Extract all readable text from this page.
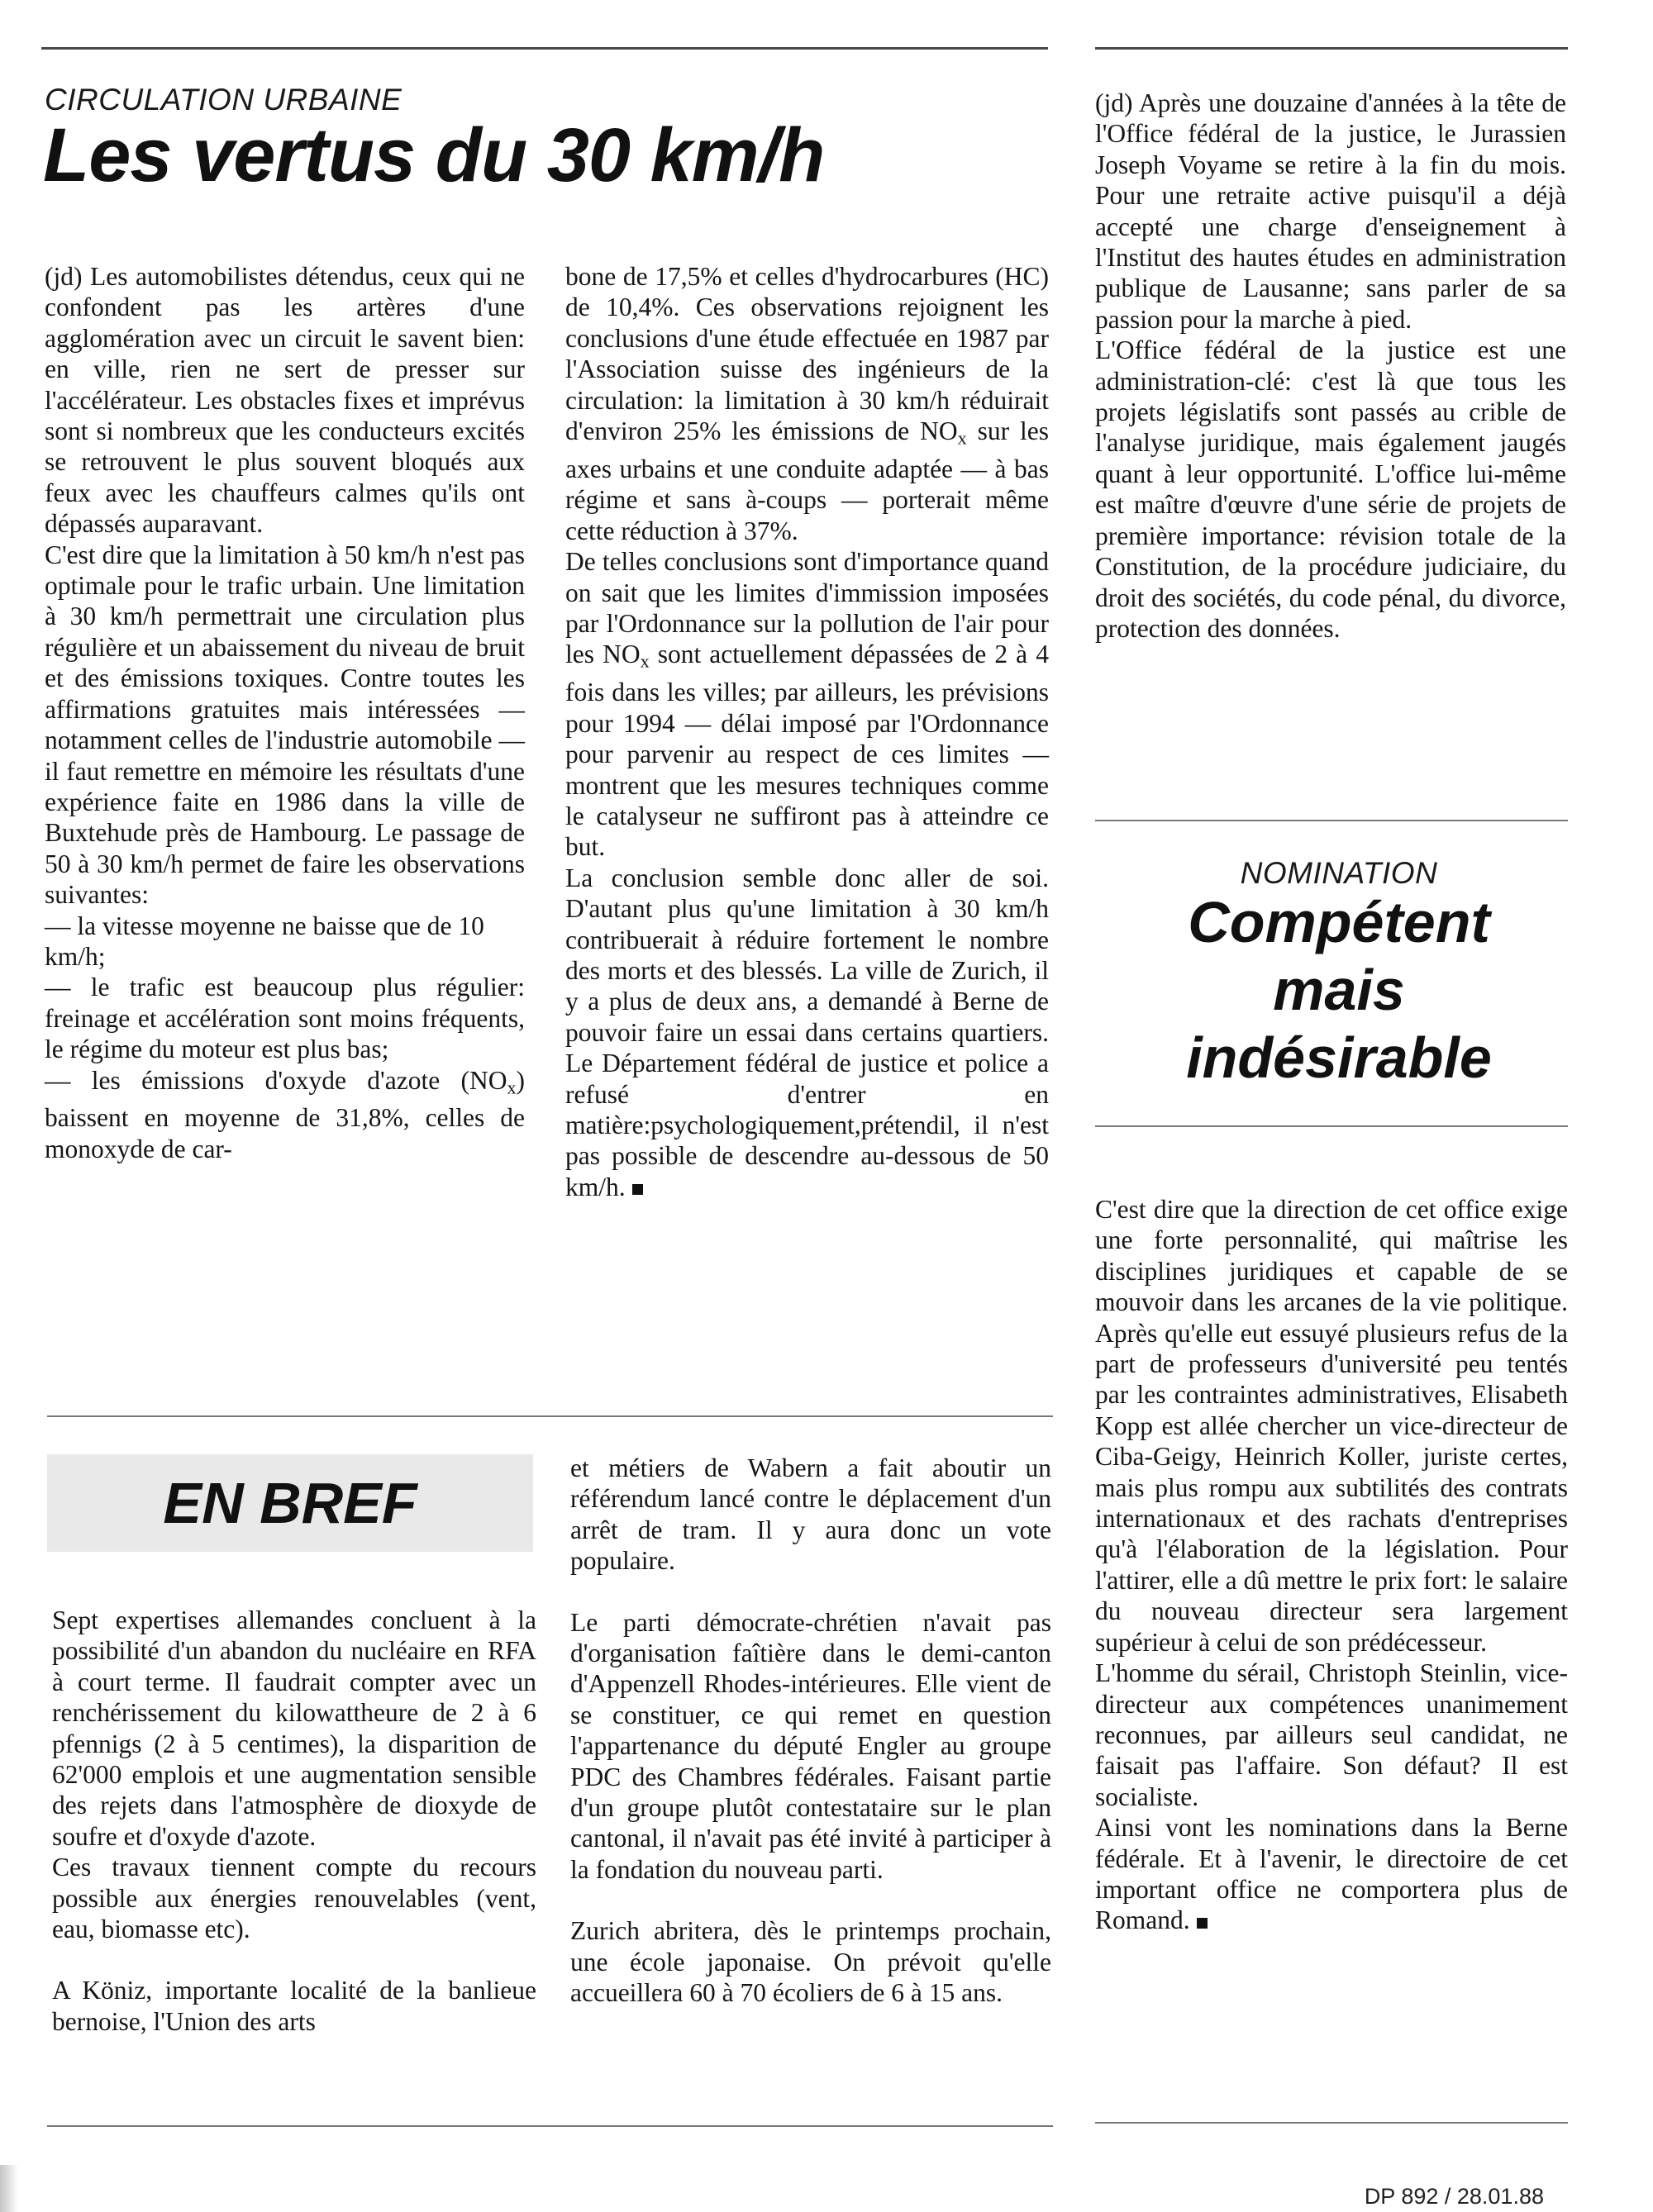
CIRCULATION URBAINE
Les vertus du 30 km/h

(jd) Les automobilistes détendus, ceux qui ne confondent pas les artères d'une agglomération avec un circuit le savent bien: en ville, rien ne sert de presser sur l'accélérateur. Les obstacles fixes et imprévus sont si nombreux que les conducteurs excités se retrouvent le plus souvent bloqués aux feux avec les chauffeurs calmes qu'ils ont dépassés auparavant.

C'est dire que la limitation à 50 km/h n'est pas optimale pour le trafic urbain. Une limitation à 30 km/h permettrait une circulation plus régulière et un abaissement du niveau de bruit et des émissions toxiques. Contre toutes les affirmations gratuites mais intéressées — notamment celles de l'industrie automobile — il faut remettre en mémoire les résultats d'une expérience faite en 1986 dans la ville de Buxtehude près de Hambourg. Le passage de 50 à 30 km/h permet de faire les observations suivantes:

— la vitesse moyenne ne baisse que de 10 km/h;

— le trafic est beaucoup plus régulier: freinage et accélération sont moins fréquents, le régime du moteur est plus bas;

— les émissions d'oxyde d'azote $(NO_x)$ baissent en moyenne de 31,8%, celles de monoxyde de car-

bone de 17,5% et celles d'hydrocarbures (HC) de 10,4%. Ces observations rejoignent les conclusions d'une étude effectuée en 1987 par l'Association suisse des ingénieurs de la circulation: la limitation à 30 km/h réduirait d'environ 25% les émissions de $NO_x$ sur les axes urbains et une conduite adaptée — à bas régime et sans à-coups — porterait même cette réduction à 37%.

De telles conclusions sont d'importance quand on sait que les limites d'immission imposées par l'Ordonnance sur la pollution de l'air pour les $NO_x$ sont actuellement dépassées de 2 à 4 fois dans les villes; par ailleurs, les prévisions pour 1994 — délai imposé par l'Ordonnance pour parvenir au respect de ces limites — montrent que les mesures techniques comme le catalyseur ne suffiront pas à atteindre ce but.

La conclusion semble donc aller de soi. D'autant plus qu'une limitation à 30 km/h contribuerait à réduire fortement le nombre des morts et des blessés. La ville de Zurich, il y a plus de deux ans, a demandé à Berne de pouvoir faire un essai dans certains quartiers. Le Département fédéral de justice et police a refusé d'entrer en matière:psychologiquement,prétendil, il n'est pas possible de descendre au-dessous de 50 km/h.

(jd) Après une douzaine d'années à la tête de l'Office fédéral de la justice, le Jurassien Joseph Voyame se retire à la fin du mois. Pour une retraite active puisqu'il a déjà accepté une charge d'enseignement à l'Institut des hautes études en administration publique de Lausanne; sans parler de sa passion pour la marche à pied.

L'Office fédéral de la justice est une administration-clé: c'est là que tous les projets législatifs sont passés au crible de l'analyse juridique, mais également jaugés quant à leur opportunité. L'office lui-même est maître d'œuvre d'une série de projets de première importance: révision totale de la Constitution, de la procédure judiciaire, du droit des sociétés, du code pénal, du divorce, protection des données.

NOMINATION
Compétent
mais
indésirable

C'est dire que la direction de cet office exige une forte personnalité, qui maîtrise les disciplines juridiques et capable de se mouvoir dans les arcanes de la vie politique. Après qu'elle eut essuyé plusieurs refus de la part de professeurs d'université peu tentés par les contraintes administratives, Elisabeth Kopp est allée chercher un vice-directeur de Ciba-Geigy, Heinrich Koller, juriste certes, mais plus rompu aux subtilités des contrats internationaux et des rachats d'entreprises qu'à l'élaboration de la législation. Pour l'attirer, elle a dû mettre le prix fort: le salaire du nouveau directeur sera largement supérieur à celui de son prédécesseur.

L'homme du sérail, Christoph Steinlin, vice-directeur aux compétences unanimement reconnues, par ailleurs seul candidat, ne faisait pas l'affaire. Son défaut? Il est socialiste.

Ainsi vont les nominations dans la Berne fédérale. Et à l'avenir, le directoire de cet important office ne comportera plus de Romand.

EN BREF

Sept expertises allemandes concluent à la possibilité d'un abandon du nucléaire en RFA à court terme. Il faudrait compter avec un renchérissement du kilowattheure de 2 à 6 pfennigs (2 à 5 centimes), la disparition de 62'000 emplois et une augmentation sensible des rejets dans l'atmosphère de dioxyde de soufre et d'oxyde d'azote.

Ces travaux tiennent compte du recours possible aux énergies renouvelables (vent, eau, biomasse etc).

A Köniz, importante localité de la banlieue bernoise, l'Union des arts

et métiers de Wabern a fait aboutir un référendum lancé contre le déplacement d'un arrêt de tram. Il y aura donc un vote populaire.

Le parti démocrate-chrétien n'avait pas d'organisation faîtière dans le demi-canton d'Appenzell Rhodes-intérieures. Elle vient de se constituer, ce qui remet en question l'appartenance du député Engler au groupe PDC des Chambres fédérales. Faisant partie d'un groupe plutôt contestataire sur le plan cantonal, il n'avait pas été invité à participer à la fondation du nouveau parti.

Zurich abritera, dès le printemps prochain, une école japonaise. On prévoit qu'elle accueillera 60 à 70 écoliers de 6 à 15 ans.

DP 892 / 28.01.88
